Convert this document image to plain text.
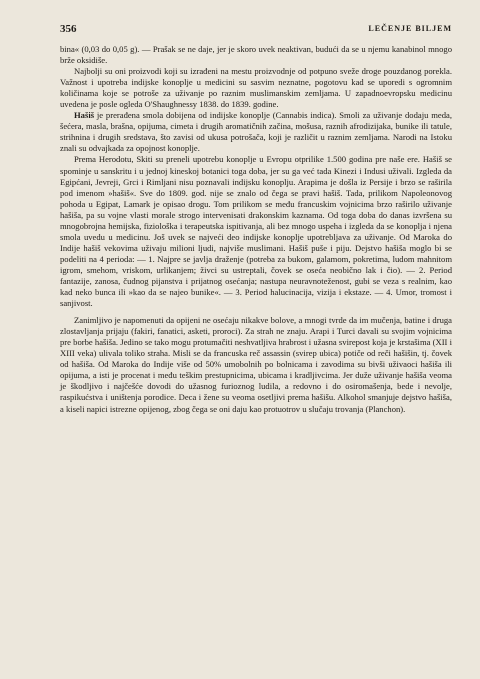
356	LEČENJE BILJEM

bina« (0,03 do 0,05 g). — Prašak se ne daje, jer je skoro uvek neaktivan, budući da se u njemu kanabinol mnogo brže oksidiše.

Najbolji su oni proizvodi koji su izrađeni na mestu proizvodnje od potpuno sveže droge pouzdanog porekla. Važnost i upotreba indijske konoplje u medicini su sasvim neznatne, pogotovu kad se uporedi s ogromnim količinama koje se potroše za uživanje po raznim muslimanskim zemljama. U zapadnoevropsku medicinu uvedena je posle ogleda O'Shaughnessy 1838. do 1839. godine.

Hašiš je prerađena smola dobijena od indijske konoplje (Cannabis indica). Smoli za uživanje dodaju meda, šećera, masla, brašna, opijuma, cimeta i drugih aromatičnih začina, mošusa, raznih afrodizijaka, bunike ili tatule, strihnina i drugih sredstava, što zavisi od ukusa potrošača, koji je različit u raznim zemljama. Narodi na Istoku znali su odvajkada za opojnost konoplje.

Prema Herodotu, Skiti su preneli upotrebu konoplje u Evropu otprilike 1.500 godina pre naše ere. Hašiš se spominje u sanskritu i u jednoj kineskoj botanici toga doba, jer su ga već tada Kinezi i Indusi uživali. Izgleda da Egipćani, Jevreji, Grci i Rimljani nisu poznavali indijsku konoplju. Arapima je došla iz Persije i brzo se raširila pod imenom »hašiš«. Sve do 1809. god. nije se znalo od čega se pravi hašiš. Tada, prilikom Napoleonovog pohoda u Egipat, Lamark je opisao drogu. Tom prilikom se među francuskim vojnicima brzo raširilo uživanje hašiša, pa su vojne vlasti morale strogo intervenisati drakonskim kaznama. Od toga doba do danas izvršena su mnogobrojna hemijska, fiziološka i terapeutska ispitivanja, ali bez mnogo uspeha i izgleda da se konoplja i njena smola uvedu u medicinu. Još uvek se najveći deo indijske konoplje upotrebljava za uživanje. Od Maroka do Indije hašiš vekovima uživaju milioni ljudi, najviše muslimani. Hašiš puše i piju. Dejstvo hašiša moglo bi se podeliti na 4 perioda: — 1. Najpre se javlja draženje (potreba za bukom, galamom, pokretima, ludom mahnitom igrom, smehom, vriskom, urlikanjem; živci su ustreptali, čovek se oseća neobično lak i čio). — 2. Period fantazije, zanosa, čudnog pijanstva i prijatnog osećanja; nastupa neuravnoteženost, gubi se veza s realnim, kao kad neko bunca ili »kao da se najeo bunike«. — 3. Period halucinacija, vizija i ekstaze. — 4. Umor, tromost i sanjivost.

Zanimljivo je napomenuti da opijeni ne osećaju nikakve bolove, a mnogi tvrde da im mučenja, batine i druga zlostavljanja prijaju (fakiri, fanatici, asketi, proroci). Za strah ne znaju. Arapi i Turci davali su svojim vojnicima pre borbe hašiša. Jedino se tako mogu protumačiti neshvatljiva hrabrost i užasna svirepost koja je krstašima (XII i XIII veka) ulivala toliko straha. Misli se da francuska reč assassin (svirep ubica) potiče od reči hašišin, tj. čovek od hašiša. Od Maroka do Indije više od 50% umobolnih po bolnicama i zavodima su bivši uživaoci hašiša ili opijuma, a isti je procenat i među teškim prestupnicima, ubicama i kradljivcima. Jer duže uživanje hašiša veoma je škodljivo i najčešće dovodi do užasnog furioznog ludila, a redovno i do osiromašenja, bede i nevolje, raspikućstva i uništenja porodice. Deca i žene su veoma osetljivi prema hašišu. Alkohol smanjuje dejstvo hašiša, a kiseli napici istrezne opijenog, zbog čega se oni daju kao protuotrov u slučaju trovanja (Planchon).
